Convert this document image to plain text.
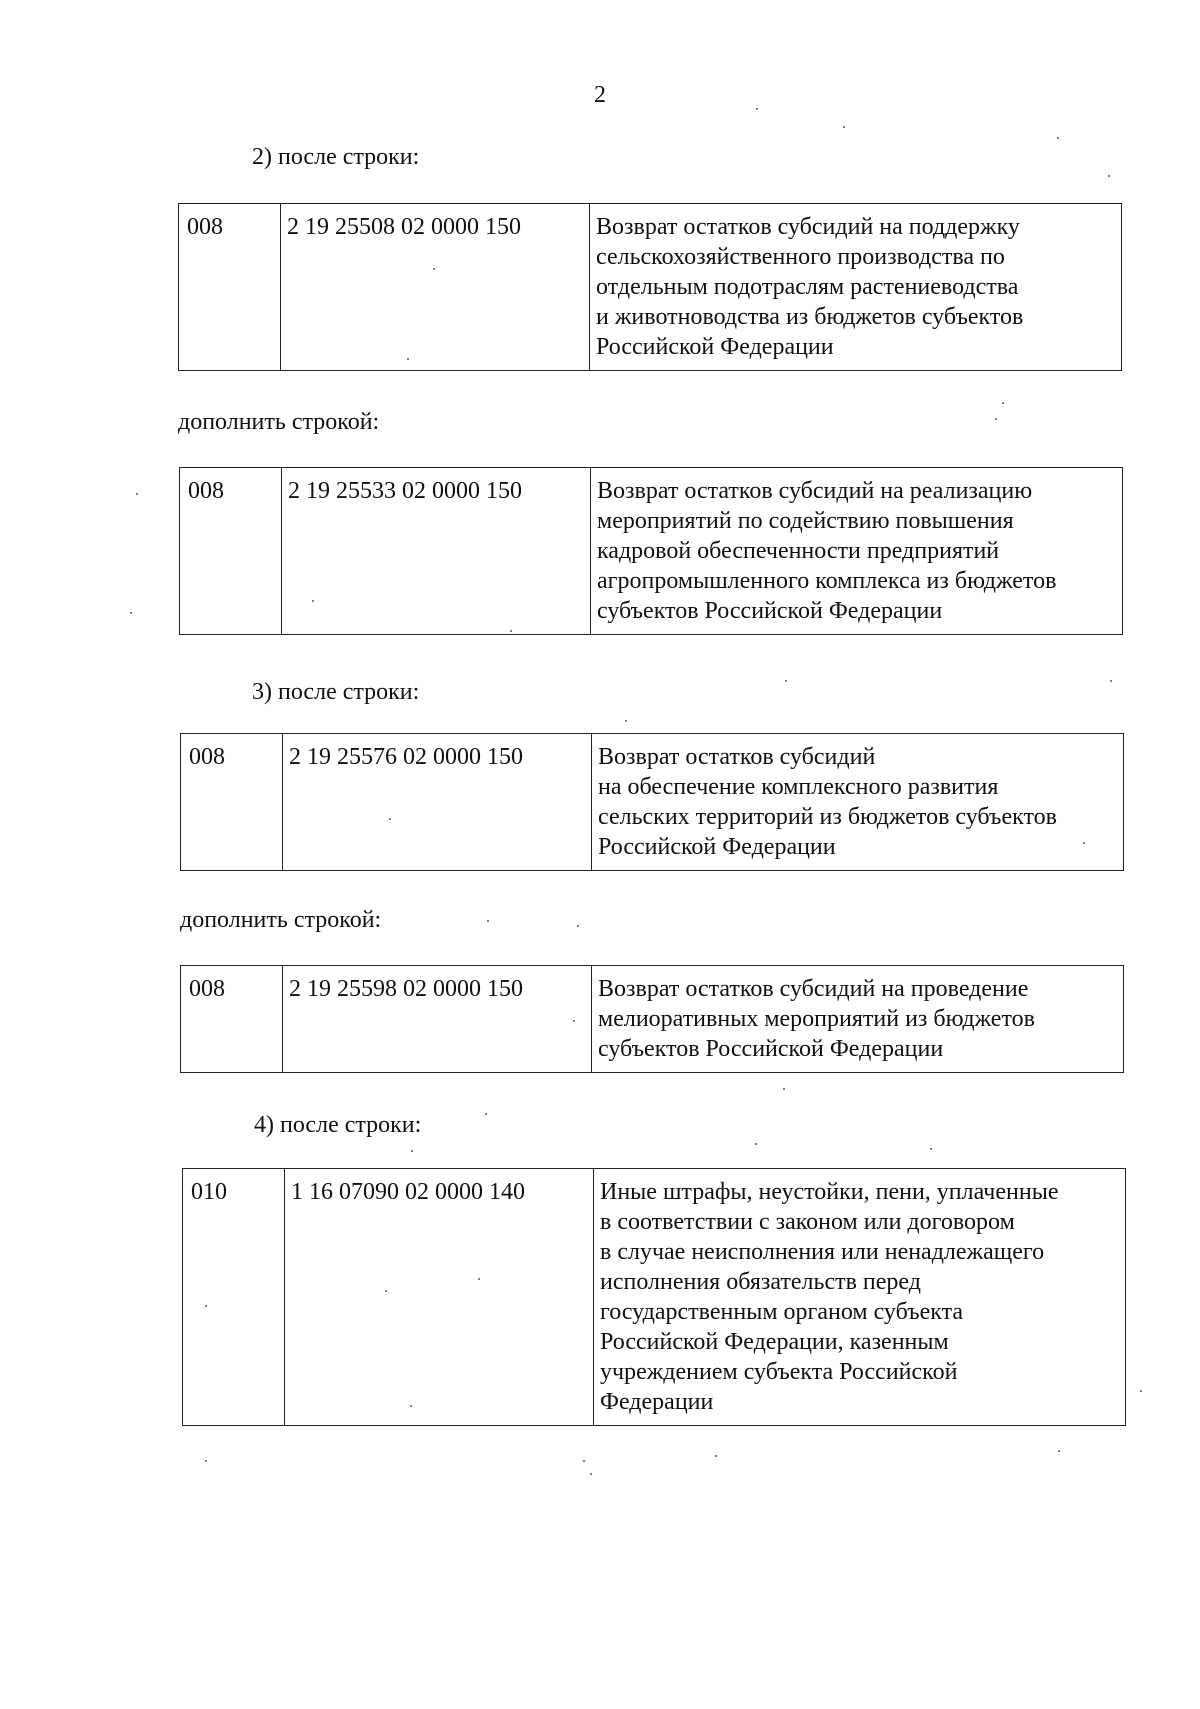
2
2) после строки:
008	2 19 25508 02 0000 150	Возврат остатков субсидий на поддержку
сельскохозяйственного производства по
отдельным подотраслям растениеводства
и животноводства из бюджетов субъектов
Российской Федерации
дополнить строкой:
008	2 19 25533 02 0000 150	Возврат остатков субсидий на реализацию
мероприятий по содействию повышения
кадровой обеспеченности предприятий
агропромышленного комплекса из бюджетов
субъектов Российской Федерации
3) после строки:
008	2 19 25576 02 0000 150	Возврат остатков субсидий
на обеспечение комплексного развития
сельских территорий из бюджетов субъектов
Российской Федерации
дополнить строкой:
008	2 19 25598 02 0000 150	Возврат остатков субсидий на проведение
мелиоративных мероприятий из бюджетов
субъектов Российской Федерации
4) после строки:
010	1 16 07090 02 0000 140	Иные штрафы, неустойки, пени, уплаченные
в соответствии с законом или договором
в случае неисполнения или ненадлежащего
исполнения обязательств перед
государственным органом субъекта
Российской Федерации, казенным
учреждением субъекта Российской
Федерации
